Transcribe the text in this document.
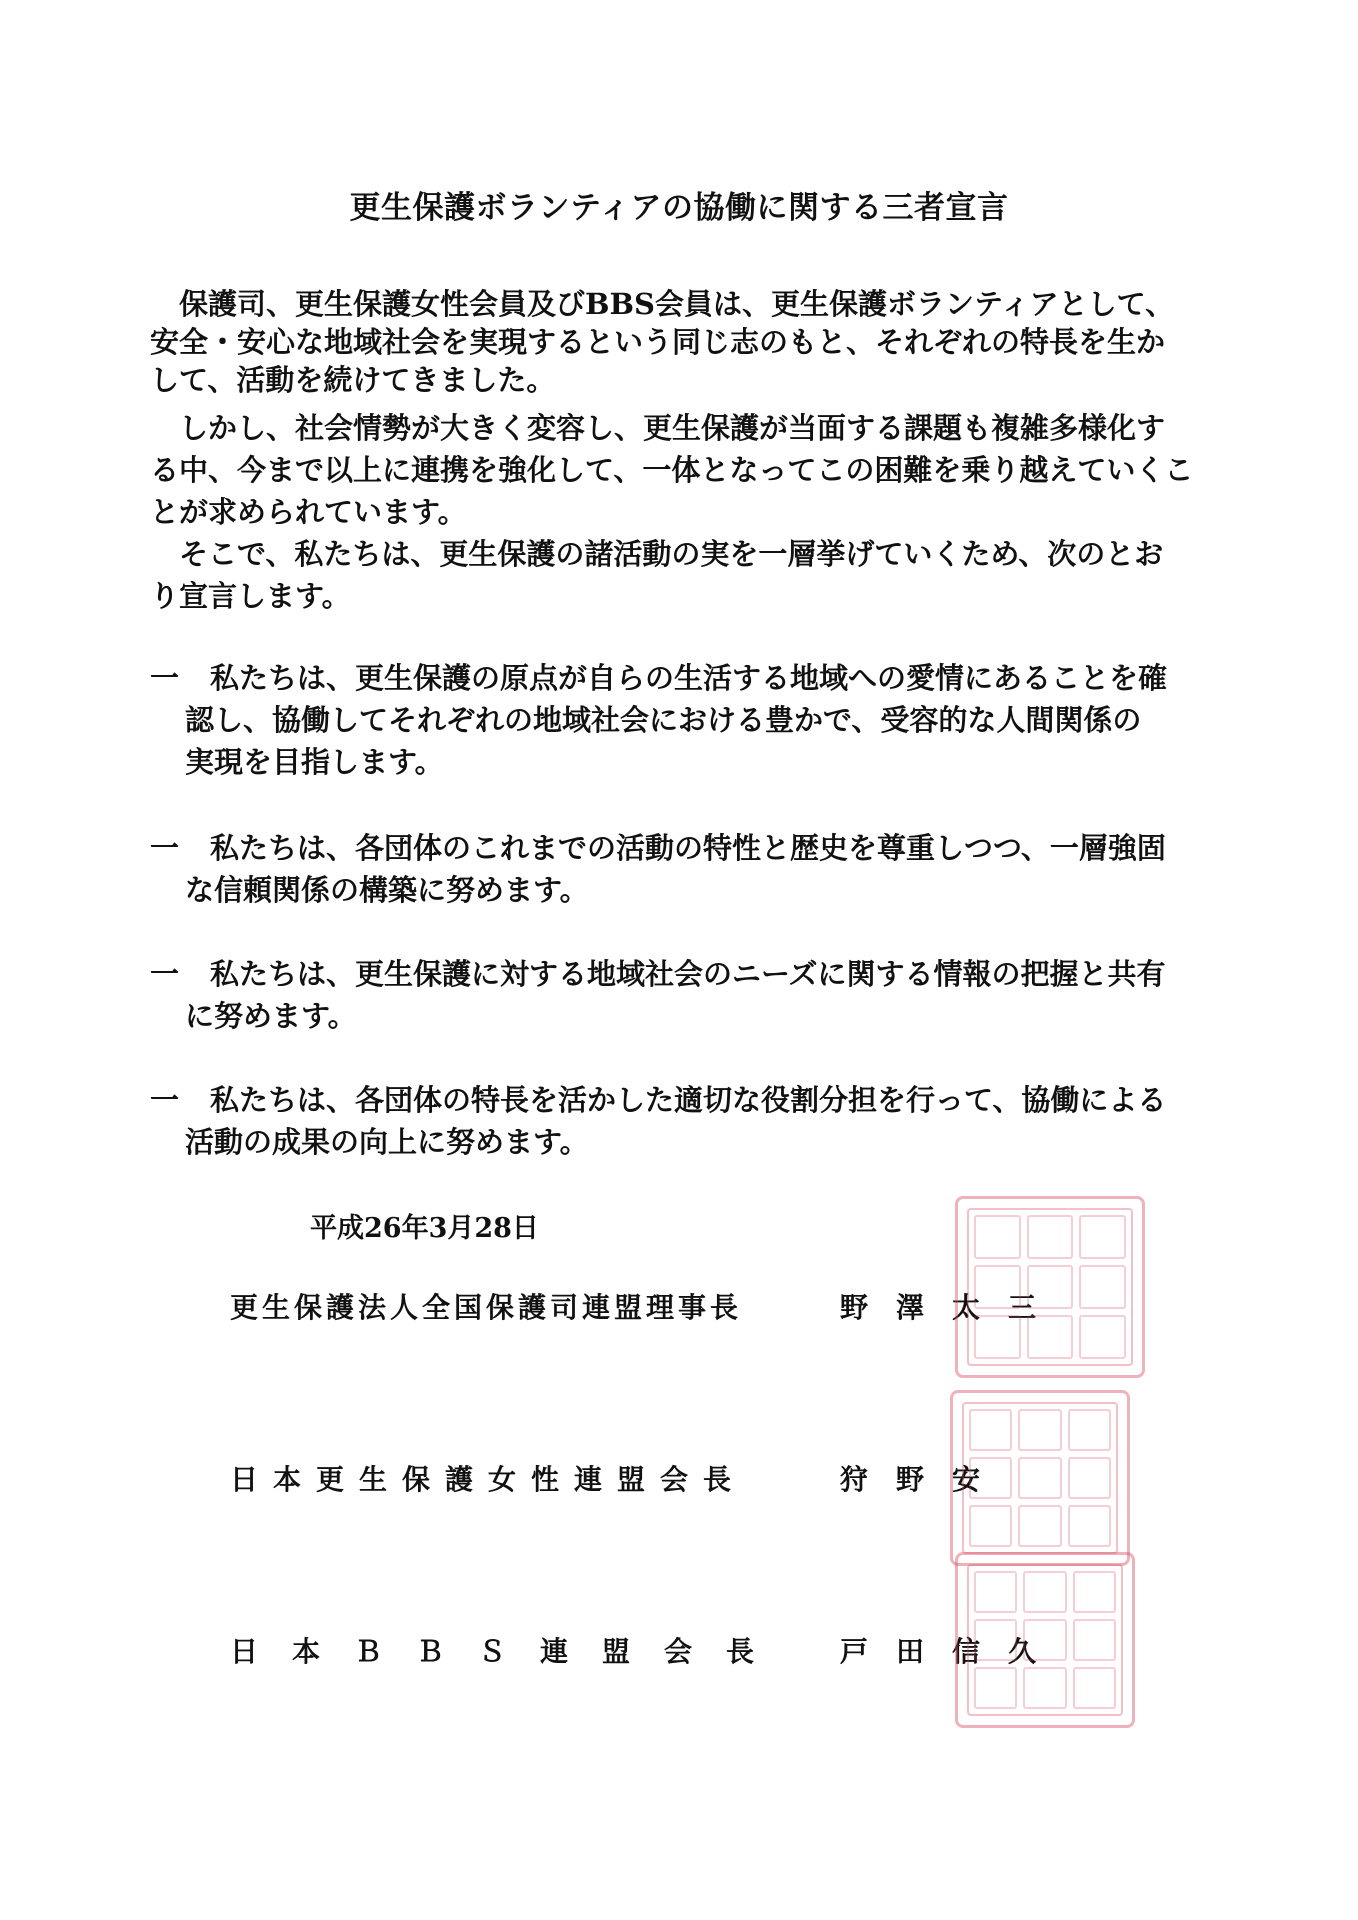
更生保護ボランティアの協働に関する三者宣言
　保護司、更生保護女性会員及びBBS会員は、更生保護ボランティアとして、
安全・安心な地域社会を実現するという同じ志のもと、それぞれの特長を生か
して、活動を続けてきました。
　しかし、社会情勢が大きく変容し、更生保護が当面する課題も複雑多様化す
る中、今まで以上に連携を強化して、一体となってこの困難を乗り越えていくこ
とが求められています。
　そこで、私たちは、更生保護の諸活動の実を一層挙げていくため、次のとお
り宣言します。
一 私たちは、更生保護の原点が自らの生活する地域への愛情にあることを確
認し、協働してそれぞれの地域社会における豊かで、受容的な人間関係の
実現を目指します。
一 私たちは、各団体のこれまでの活動の特性と歴史を尊重しつつ、一層強固
な信頼関係の構築に努めます。
一 私たちは、更生保護に対する地域社会のニーズに関する情報の把握と共有
に努めます。
一 私たちは、各団体の特長を活かした適切な役割分担を行って、協働による
活動の成果の向上に努めます。
平成26年3月28日
更生保護法人全国保護司連盟理事長	野　澤　太　三
日本更生保護女性連盟会長	狩　野　安
日本ＢＢＳ連盟会長 戸　田　信　久
